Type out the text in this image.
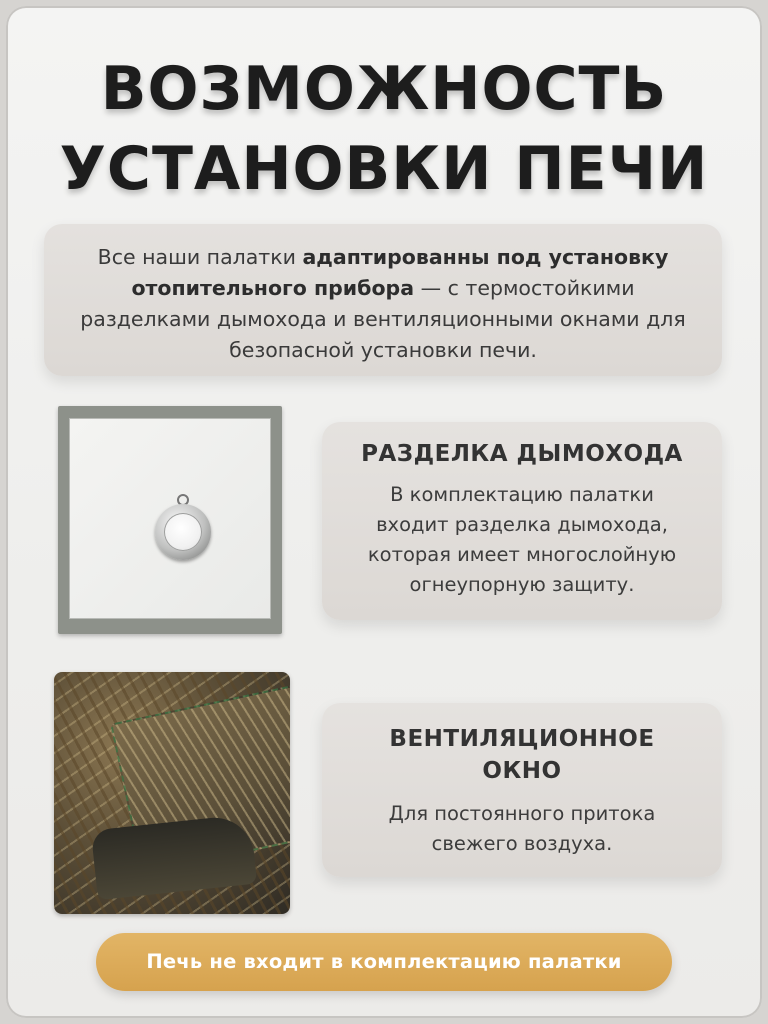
ВОЗМОЖНОСТЬ
УСТАНОВКИ ПЕЧИ
Все наши палатки адаптированны под установку отопительного прибора — с термостойкими разделками дымохода и вентиляционными окнами для безопасной установки печи.
РАЗДЕЛКА ДЫМОХОДА
В комплектацию палатки
входит разделка дымохода,
которая имеет многослойную
огнеупорную защиту.
ВЕНТИЛЯЦИОННОЕ
ОКНО
Для постоянного притока
свежего воздуха.
Печь не входит в комплектацию палатки
